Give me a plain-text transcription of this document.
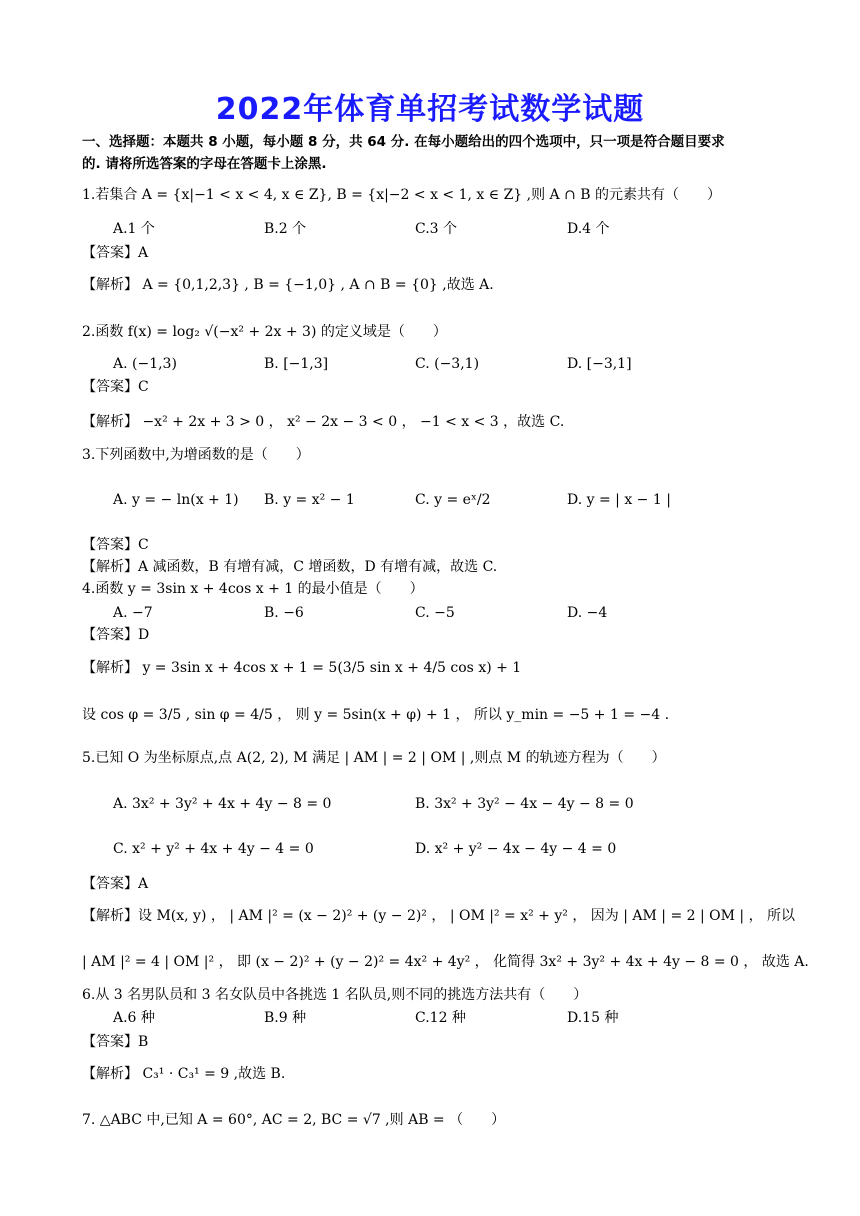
2022年体育单招考试数学试题
一、选择题：本题共 8 小题，每小题 8 分，共 64 分. 在每小题给出的四个选项中，只一项是符合题目要求
的. 请将所选答案的字母在答题卡上涂黑.
1.若集合 A = {x|−1 < x < 4, x ∈ Z}, B = {x|−2 < x < 1, x ∈ Z} ,则 A ∩ B 的元素共有（　　）
A.1 个	B.2 个	C.3 个	D.4 个
【答案】A
【解析】 A = {0,1,2,3} , B = {−1,0} , A ∩ B = {0} ,故选 A.
2.函数 f(x) = log₂ √(−x² + 2x + 3) 的定义域是（　　）
A. (−1,3)	B. [−1,3]	C. (−3,1)	D. [−3,1]
【答案】C
【解析】 −x² + 2x + 3 > 0 ， x² − 2x − 3 < 0 ， −1 < x < 3 ，故选 C.
3.下列函数中,为增函数的是（　　）
A. y = − ln(x + 1) B. y = x² − 1	C. y = eˣ/2	D. y = | x − 1 |
【答案】C
【解析】A 减函数，B 有增有减，C 增函数，D 有增有减，故选 C.
4.函数 y = 3sin x + 4cos x + 1 的最小值是（　　）
A. −7	B. −6	C. −5	D. −4
【答案】D
【解析】 y = 3sin x + 4cos x + 1 = 5(3/5 sin x + 4/5 cos x) + 1
设 cos φ = 3/5 , sin φ = 4/5 ， 则 y = 5sin(x + φ) + 1 ， 所以 y_min = −5 + 1 = −4 .
5.已知 O 为坐标原点,点 A(2, 2), M 满足 | AM | = 2 | OM | ,则点 M 的轨迹方程为（　　）
A. 3x² + 3y² + 4x + 4y − 8 = 0	B. 3x² + 3y² − 4x − 4y − 8 = 0
C. x² + y² + 4x + 4y − 4 = 0	D. x² + y² − 4x − 4y − 4 = 0
【答案】A
【解析】设 M(x, y) ， | AM |² = (x − 2)² + (y − 2)² ， | OM |² = x² + y² ， 因为 | AM | = 2 | OM | ， 所以
| AM |² = 4 | OM |² ， 即 (x − 2)² + (y − 2)² = 4x² + 4y² ， 化简得 3x² + 3y² + 4x + 4y − 8 = 0 ， 故选 A.
6.从 3 名男队员和 3 名女队员中各挑选 1 名队员,则不同的挑选方法共有（　　）
A.6 种	B.9 种	C.12 种	D.15 种
【答案】B
【解析】 C₃¹ · C₃¹ = 9 ,故选 B.
7. △ABC 中,已知 A = 60°, AC = 2, BC = √7 ,则 AB = （　　）
